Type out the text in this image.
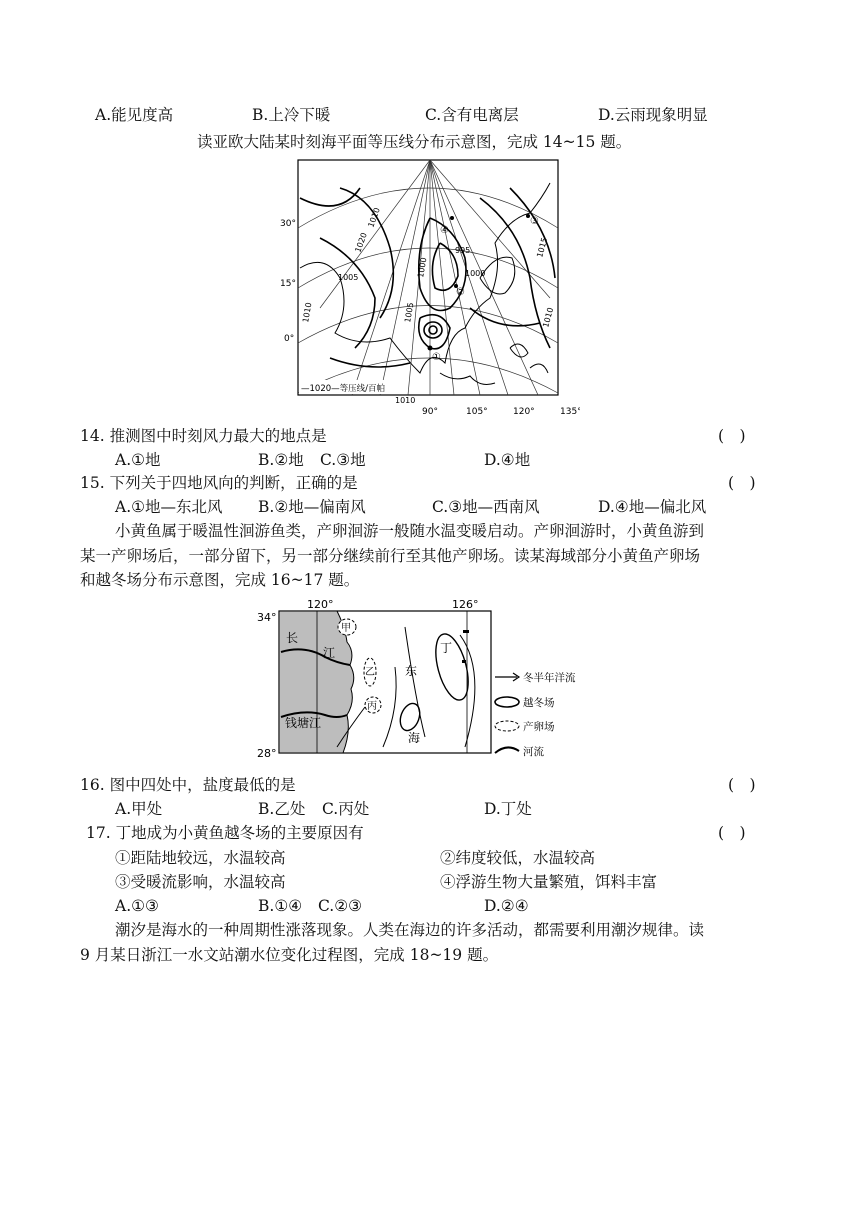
A.能见度高	B.上冷下暖	C.含有电离层	D.云雨现象明显
读亚欧大陆某时刻海平面等压线分布示意图，完成 14~15 题。
1020
1010
1005	1000
995
1000
1005
1010
1015
1010
1010
④
②
①
③
30°
15°
0°
90°	105°	120°	135°
—1020—等压线/百帕
14. 推测图中时刻风力最大的地点是	(　)
A.①地	B.②地 C.③地	D.④地
15. 下列关于四地风向的判断，正确的是	(　)
A.①地—东北风 B.②地—偏南风	C.③地—西南风	D.④地—偏北风
小黄鱼属于暖温性洄游鱼类，产卵洄游一般随水温变暖启动。产卵洄游时，小黄鱼游到
某一产卵场后，一部分留下，另一部分继续前行至其他产卵场。读某海域部分小黄鱼产卵场
和越冬场分布示意图，完成 16~17 题。
长
江
钱塘江
甲
乙
丙
丁
东
海
120°	126°
34°
28°
冬半年洋流
越冬场
产卵场
河流
16. 图中四处中，盐度最低的是	(　)
A.甲处	B.乙处 C.丙处	D.丁处
17. 丁地成为小黄鱼越冬场的主要原因有	(　)
①距陆地较远，水温较高	②纬度较低，水温较高
③受暖流影响，水温较高	④浮游生物大量繁殖，饵料丰富
A.①③	B.①④ C.②③	D.②④
潮汐是海水的一种周期性涨落现象。人类在海边的许多活动，都需要利用潮汐规律。读
9 月某日浙江一水文站潮水位变化过程图，完成 18~19 题。
